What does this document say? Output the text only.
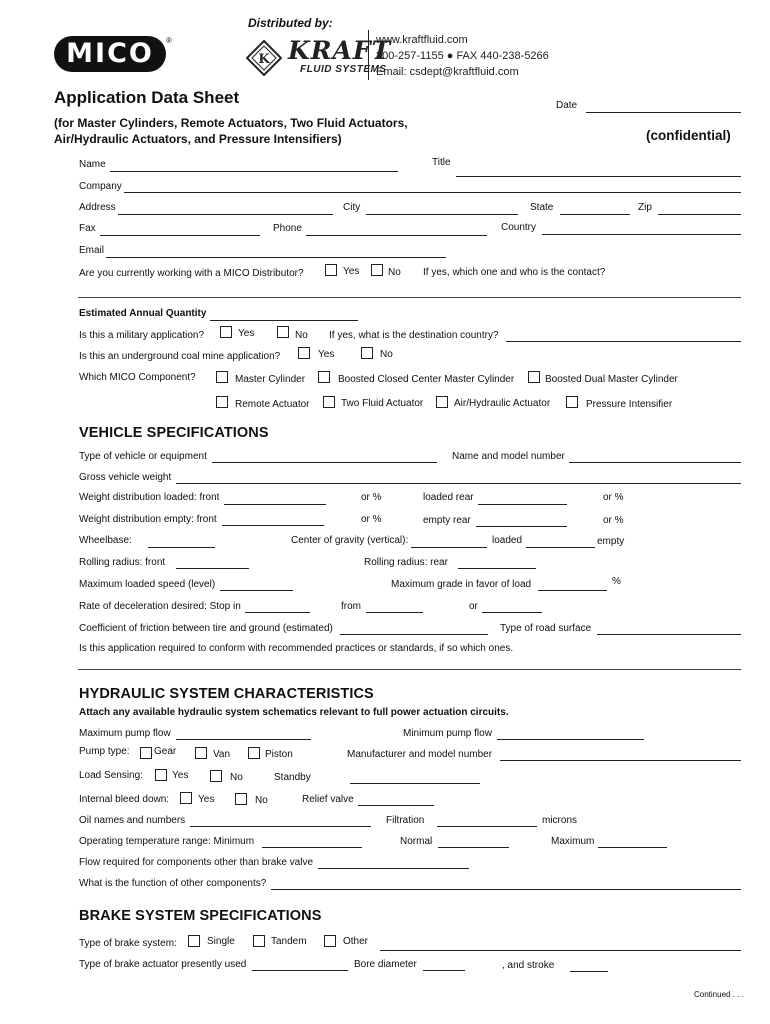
Distributed by:
MICO	®
K KRAFT
FLUID SYSTEMS
www.kraftfluid.com
800-257-1155 ● FAX 440-238-5266
Email: csdept@kraftfluid.com
Application Data Sheet
(for Master Cylinders, Remote Actuators, Two Fluid Actuators,
Air/Hydraulic Actuators, and Pressure Intensifiers)	(confidential)
Date
Name	Title
Company
Address	City	State	Zip
Fax	Phone	Country
Email
Are you currently working with a MICO Distributor?	Yes	No If yes, which one and who is the contact?
Estimated Annual Quantity
Is this a military application?	Yes	No If yes, what is the destination country?
Is this an underground coal mine application?	Yes	No
Which MICO Component?	Master Cylinder	Boosted Closed Center Master Cylinder	Boosted Dual Master Cylinder
Remote Actuator	Two Fluid Actuator	Air/Hydraulic Actuator	Pressure Intensifier
VEHICLE SPECIFICATIONS
Type of vehicle or equipment	Name and model number
Gross vehicle weight
Weight distribution loaded: front	or %	loaded rear	or %
Weight distribution empty: front	or %	empty rear	or %
Wheelbase:	Center of gravity (vertical):	loaded	empty
Rolling radius: front	Rolling radius: rear
Maximum loaded speed (level)	Maximum grade in favor of load	%
Rate of deceleration desired: Stop in	from	or
Coefficient of friction between tire and ground (estimated)	Type of road surface
Is this application required to conform with recommended practices or standards, if so which ones.
HYDRAULIC SYSTEM CHARACTERISTICS
Attach any available hydraulic system schematics relevant to full power actuation circuits.
Maximum pump flow	Minimum pump flow
Pump type: Gear	Van	Piston	Manufacturer and model number
Load Sensing:	Yes	No	Standby
Internal bleed down:	Yes	No	Relief valve
Oil names and numbers	Filtration	microns
Operating temperature range: Minimum	Normal	Maximum
Flow required for components other than brake valve
What is the function of other components?
BRAKE SYSTEM SPECIFICATIONS
Type of brake system:	Single	Tandem	Other
Type of brake actuator presently used	Bore diameter	, and stroke
Continued . . .
